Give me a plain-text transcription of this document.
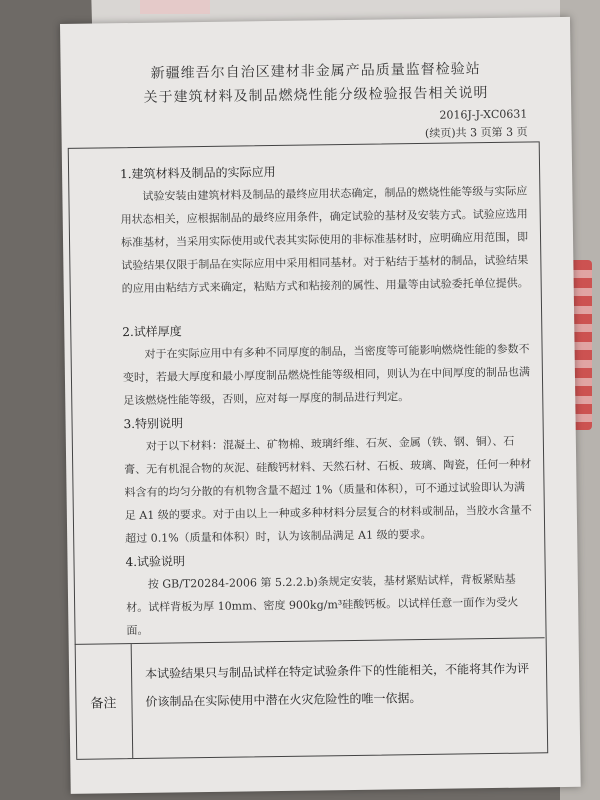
新疆维吾尔自治区建材非金属产品质量监督检验站
关于建筑材料及制品燃烧性能分级检验报告相关说明
2016J-J-XC0631
(续页)共 3 页第 3 页
1.建筑材料及制品的实际应用
试验安装由建筑材料及制品的最终应用状态确定，制品的燃烧性能等级与实际应用状态相关，应根据制品的最终应用条件，确定试验的基材及安装方式。试验应选用标准基材，当采用实际使用或代表其实际使用的非标准基材时，应明确应用范围，即试验结果仅限于制品在实际应用中采用相同基材。对于粘结于基材的制品，试验结果的应用由粘结方式来确定，粘贴方式和粘接剂的属性、用量等由试验委托单位提供。
2.试样厚度
对于在实际应用中有多种不同厚度的制品，当密度等可能影响燃烧性能的参数不变时，若最大厚度和最小厚度制品燃烧性能等级相同，则认为在中间厚度的制品也满足该燃烧性能等级，否则，应对每一厚度的制品进行判定。
3.特别说明
对于以下材料：混凝土、矿物棉、玻璃纤维、石灰、金属（铁、钢、铜）、石膏、无有机混合物的灰泥、硅酸钙材料、天然石材、石板、玻璃、陶瓷，任何一种材料含有的均匀分散的有机物含量不超过 1%（质量和体积），可不通过试验即认为满足 A1 级的要求。对于由以上一种或多种材料分层复合的材料或制品，当胶水含量不超过 0.1%（质量和体积）时，认为该制品满足 A1 级的要求。
4.试验说明
按 GB/T20284-2006 第 5.2.2.b)条规定安装，基材紧贴试样，背板紧贴基材。试样背板为厚 10mm、密度 900kg/m³硅酸钙板。以试样任意一面作为受火面。
备注
本试验结果只与制品试样在特定试验条件下的性能相关，不能将其作为评价该制品在实际使用中潜在火灾危险性的唯一依据。
